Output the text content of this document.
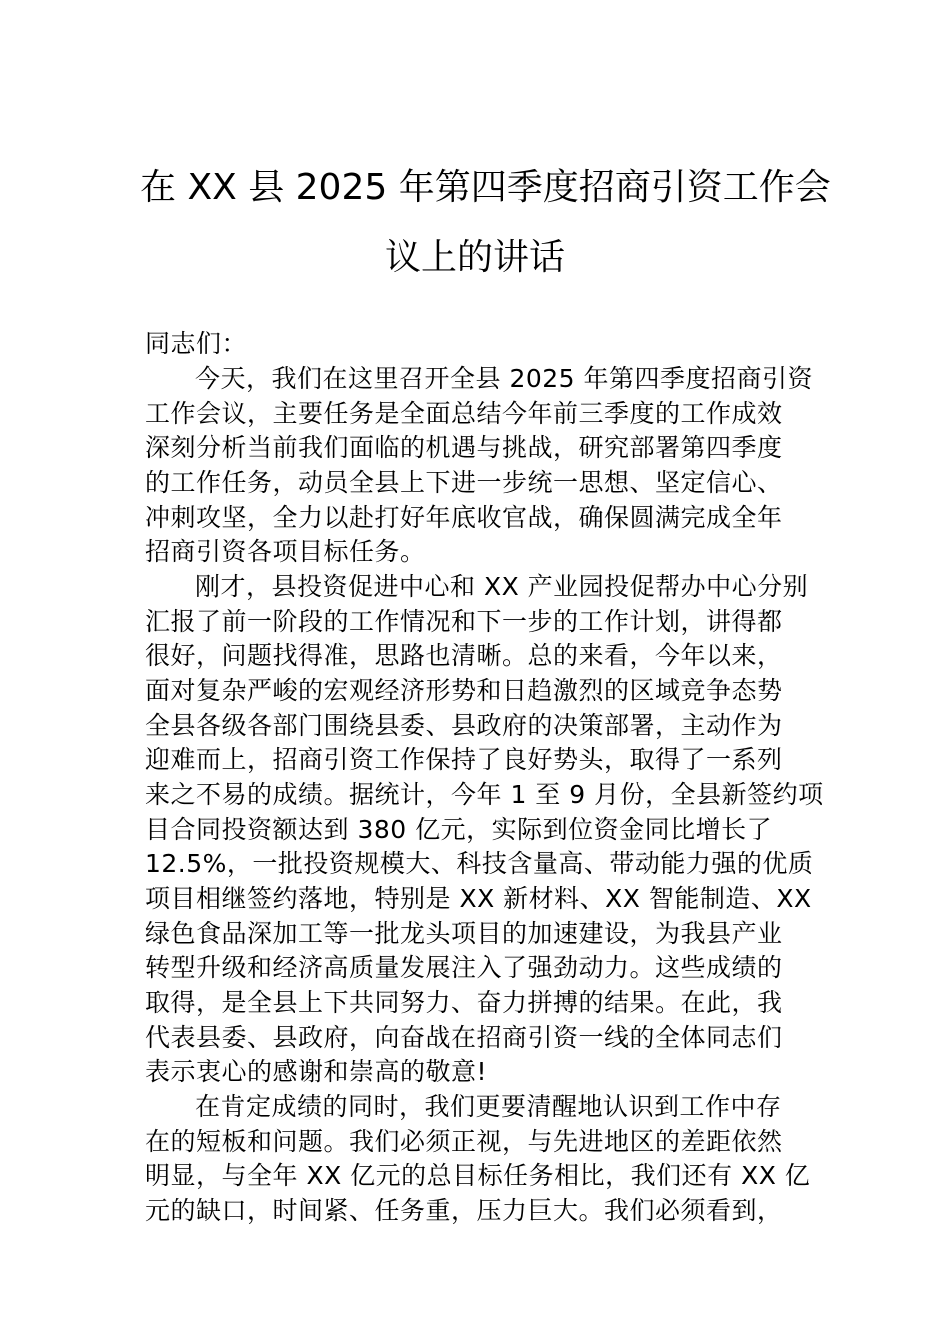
在 XX 县 2025 年第四季度招商引资工作会
议上的讲话
同志们：
今天，我们在这里召开全县 2025 年第四季度招商引资
工作会议，主要任务是全面总结今年前三季度的工作成效
深刻分析当前我们面临的机遇与挑战，研究部署第四季度
的工作任务，动员全县上下进一步统一思想、坚定信心、
冲刺攻坚，全力以赴打好年底收官战，确保圆满完成全年
招商引资各项目标任务。
刚才，县投资促进中心和 XX 产业园投促帮办中心分别
汇报了前一阶段的工作情况和下一步的工作计划，讲得都
很好，问题找得准，思路也清晰。总的来看，今年以来，
面对复杂严峻的宏观经济形势和日趋激烈的区域竞争态势
全县各级各部门围绕县委、县政府的决策部署，主动作为
迎难而上，招商引资工作保持了良好势头，取得了一系列
来之不易的成绩。据统计，今年 1 至 9 月份，全县新签约项
目合同投资额达到 380 亿元，实际到位资金同比增长了
12.5%，一批投资规模大、科技含量高、带动能力强的优质
项目相继签约落地，特别是 XX 新材料、XX 智能制造、XX
绿色食品深加工等一批龙头项目的加速建设，为我县产业
转型升级和经济高质量发展注入了强劲动力。这些成绩的
取得，是全县上下共同努力、奋力拼搏的结果。在此，我
代表县委、县政府，向奋战在招商引资一线的全体同志们
表示衷心的感谢和崇高的敬意!
在肯定成绩的同时，我们更要清醒地认识到工作中存
在的短板和问题。我们必须正视，与先进地区的差距依然
明显，与全年 XX 亿元的总目标任务相比，我们还有 XX 亿
元的缺口，时间紧、任务重，压力巨大。我们必须看到，
